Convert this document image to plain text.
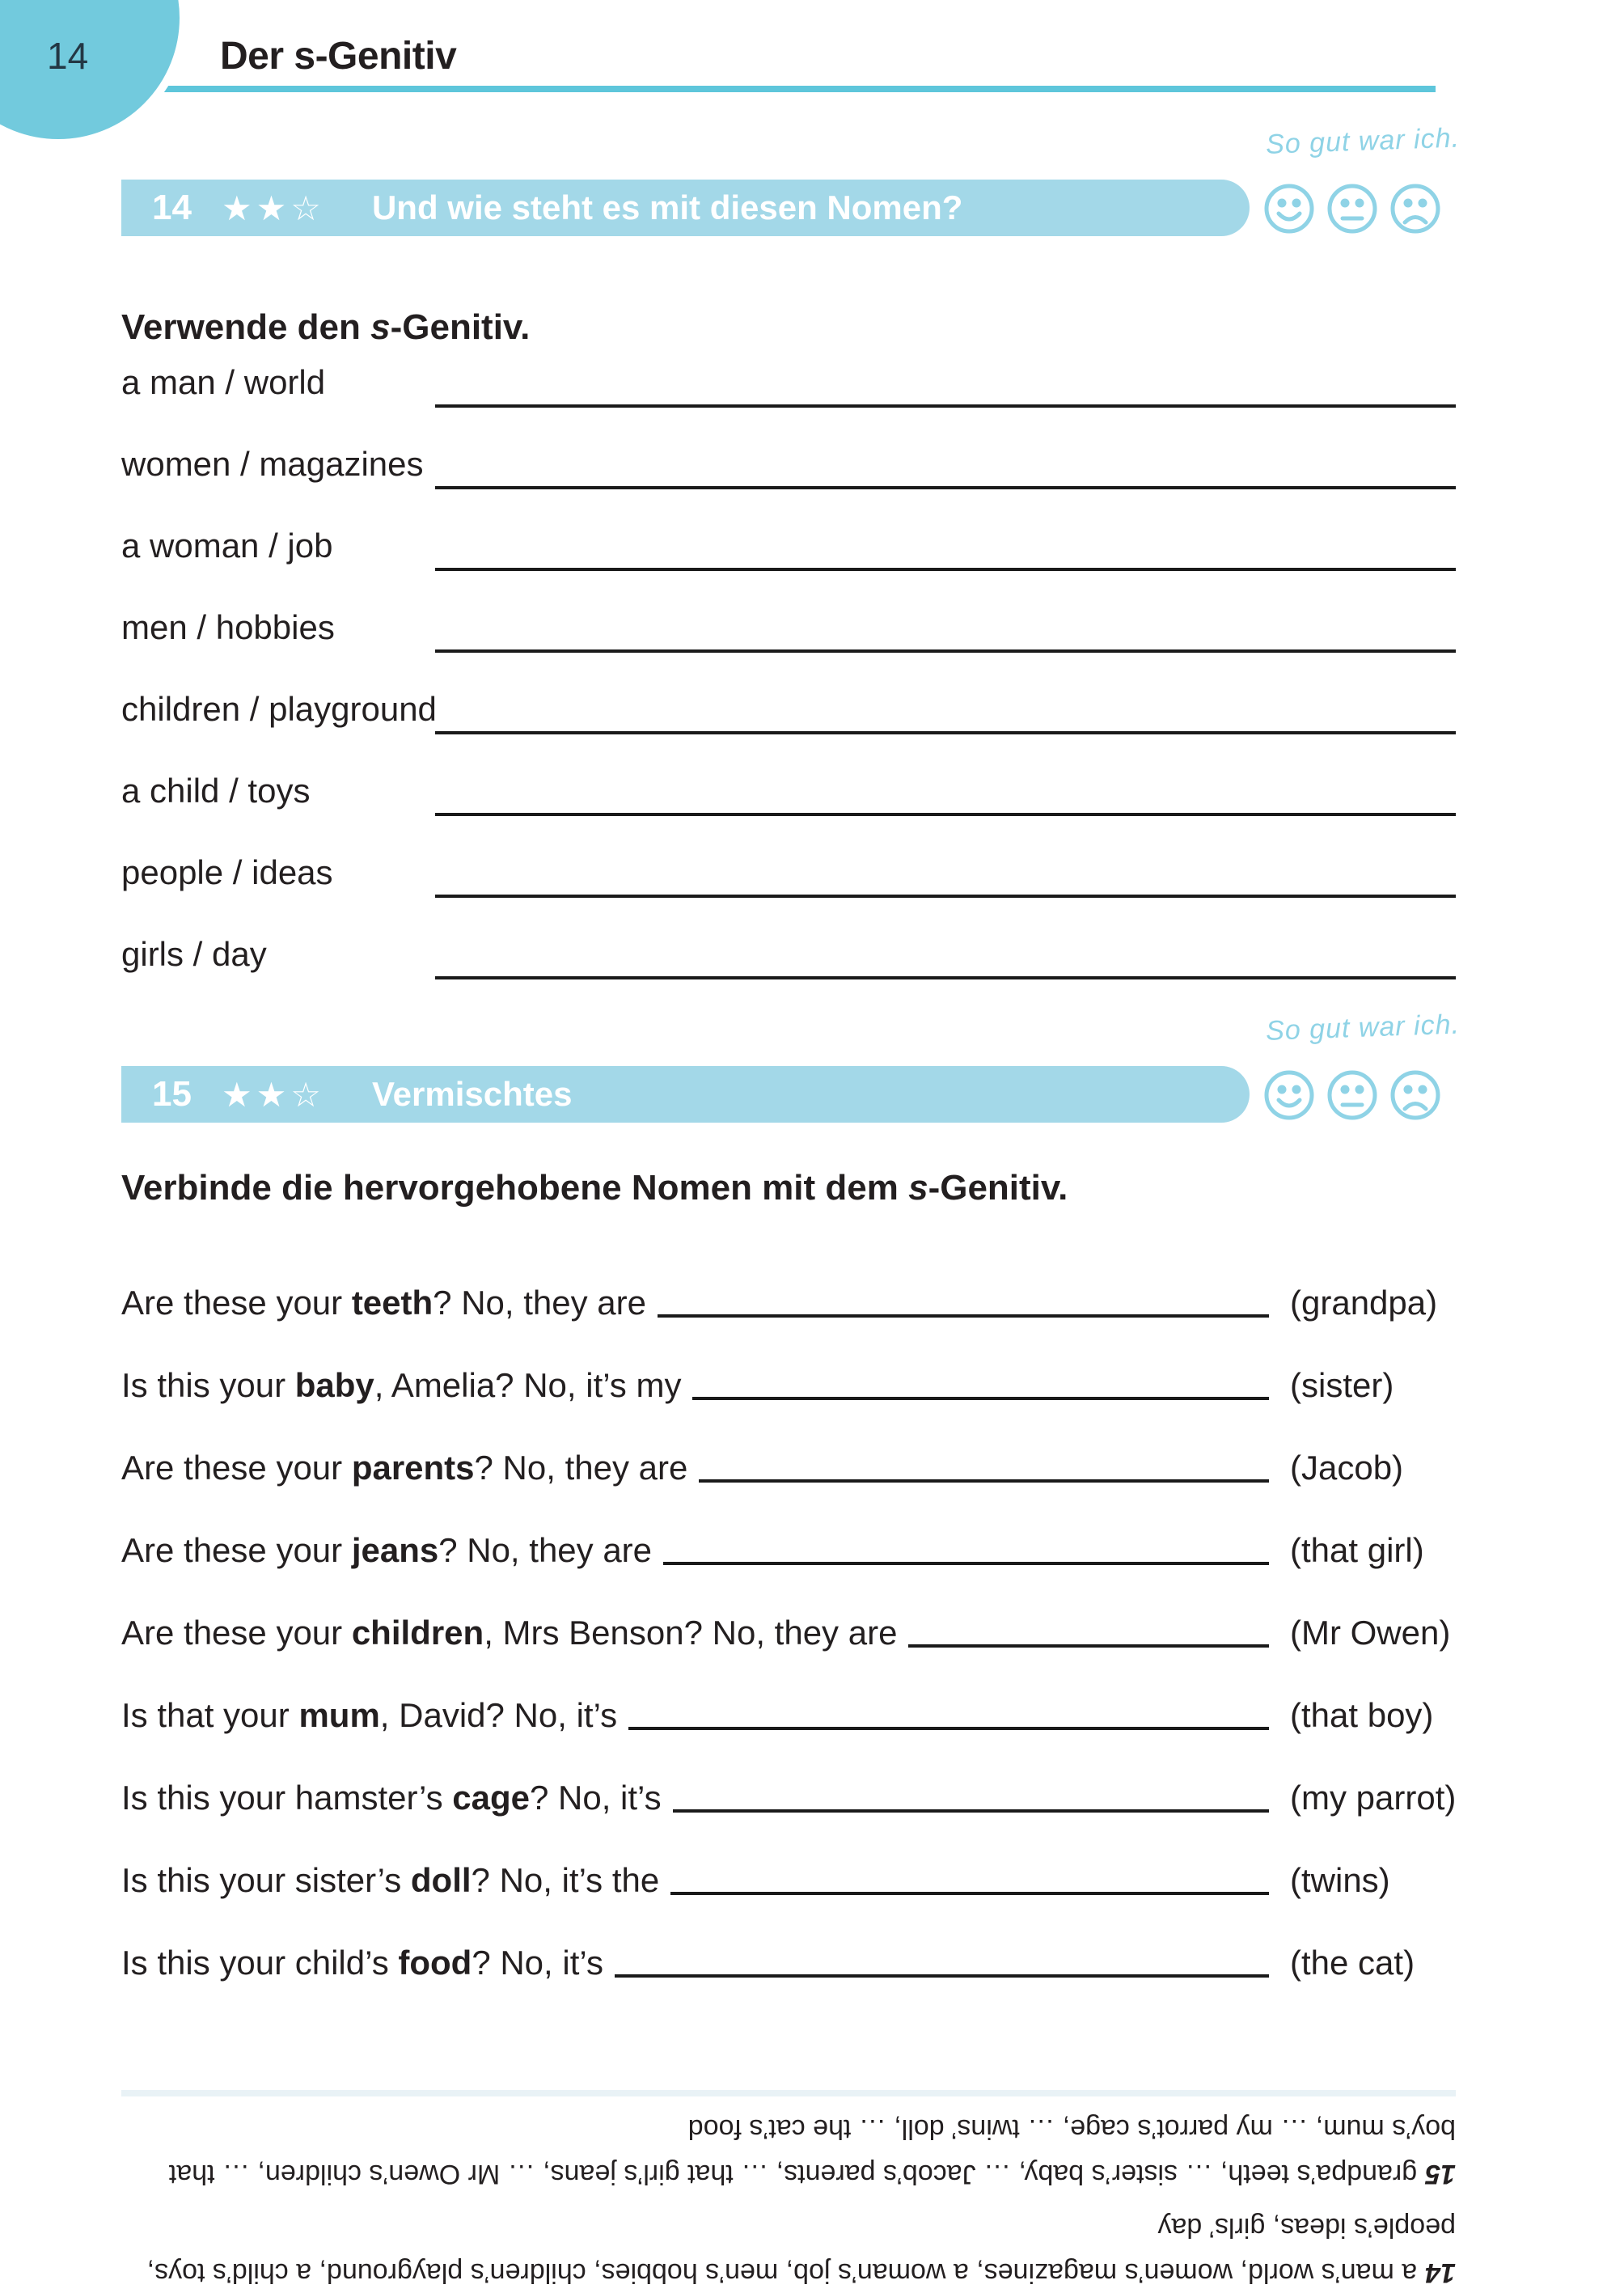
14	Der s-Genitiv
So gut war ich.
14 ★★☆ Und wie steht es mit diesen Nomen?
Verwende den s-Genitiv.
a man / world
women / magazines
a woman / job
men / hobbies
children / playground
a child / toys
people / ideas
girls / day
So gut war ich.
15 ★★☆ Vermischtes
Verbinde die hervorgehobene Nomen mit dem s-Genitiv.
Are these your teeth? No, they are	(grandpa)
Is this your baby, Amelia? No, it’s my	(sister)
Are these your parents? No, they are	(Jacob)
Are these your jeans? No, they are	(that girl)
Are these your children, Mrs Benson? No, they are	(Mr Owen)
Is that your mum, David? No, it’s	(that boy)
Is this your hamster’s cage? No, it’s	(my parrot)
Is this your sister’s doll? No, it’s the	(twins)
Is this your child’s food? No, it’s	(the cat)

14a man’s world, women’s magazines, a woman’s job, men’s hobbies, children’s playground, a child’s toys, people’s ideas, girls’ day

15grandpa’s teeth, … sister’s baby, … Jacob’s parents, … that girl’s jeans, … Mr Owen’s children, … that boy’s mum, … my parrot’s cage, … twins’ doll, … the cat’s food
